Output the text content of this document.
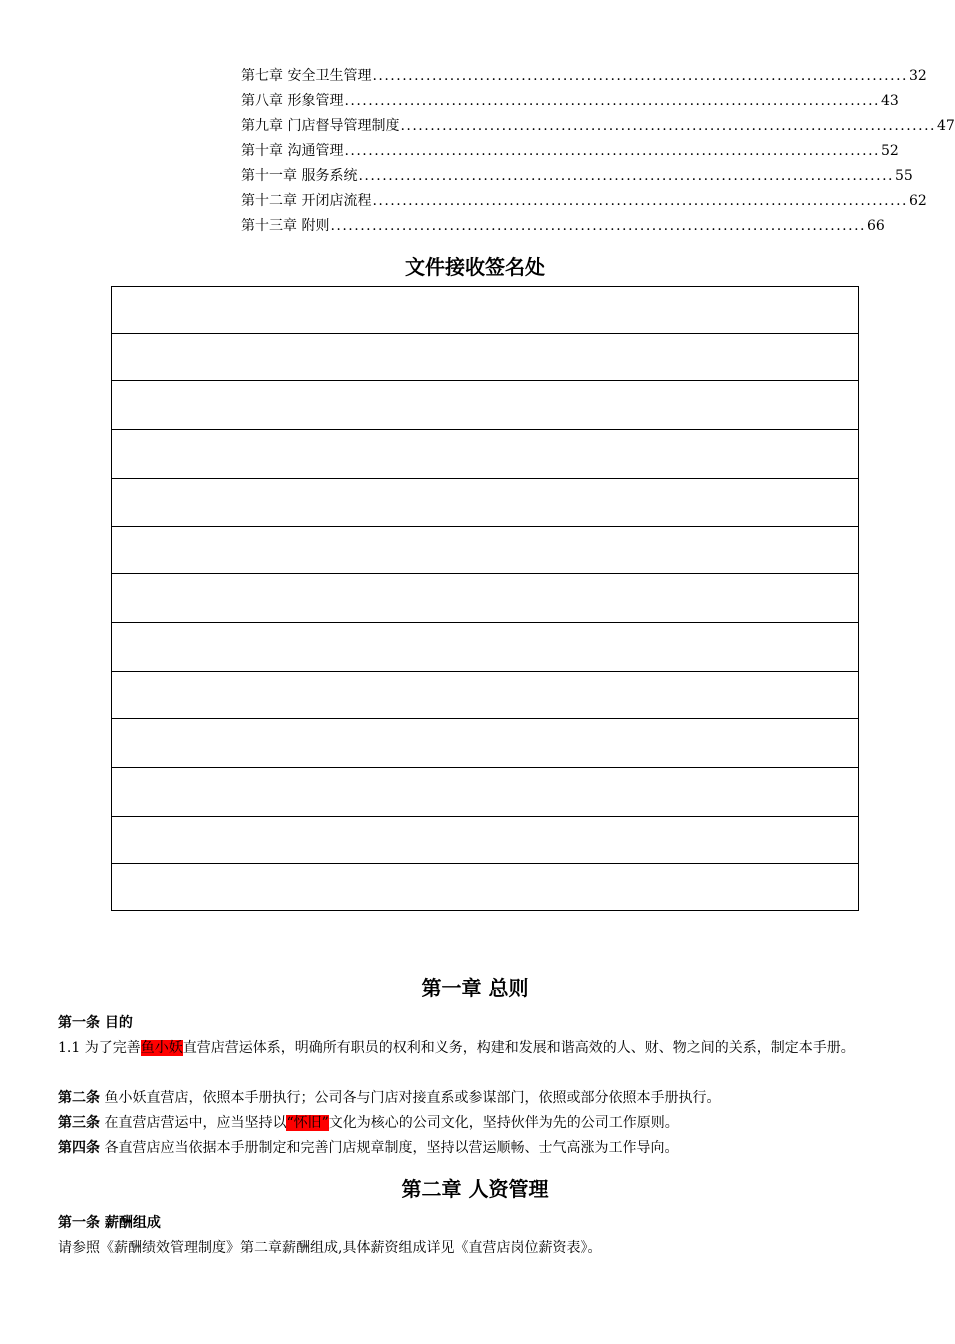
第七章 安全卫生管理 .......................................................................................... 32
第八章 形象管理 .......................................................................................... 43
第九章 门店督导管理制度 .......................................................................................... 47
第十章 沟通管理 .......................................................................................... 52
第十一章 服务系统 .......................................................................................... 55
第十二章 开闭店流程 .......................................................................................... 62
第十三章 附则 .......................................................................................... 66
文件接收签名处

第一章 总则
第一条 目的
1.1 为了完善鱼小妖直营店营运体系，明确所有职员的权利和义务，构建和发展和谐高效的人、财、物之间的关系，制定本手册。
第二条 鱼小妖直营店，依照本手册执行；公司各与门店对接直系或参谋部门，依照或部分依照本手册执行。
第三条 在直营店营运中，应当坚持以“怀旧”文化为核心的公司文化，坚持伙伴为先的公司工作原则。
第四条 各直营店应当依据本手册制定和完善门店规章制度，坚持以营运顺畅、士气高涨为工作导向。
第二章 人资管理
第一条 薪酬组成
请参照《薪酬绩效管理制度》第二章薪酬组成,具体薪资组成详见《直营店岗位薪资表》。
